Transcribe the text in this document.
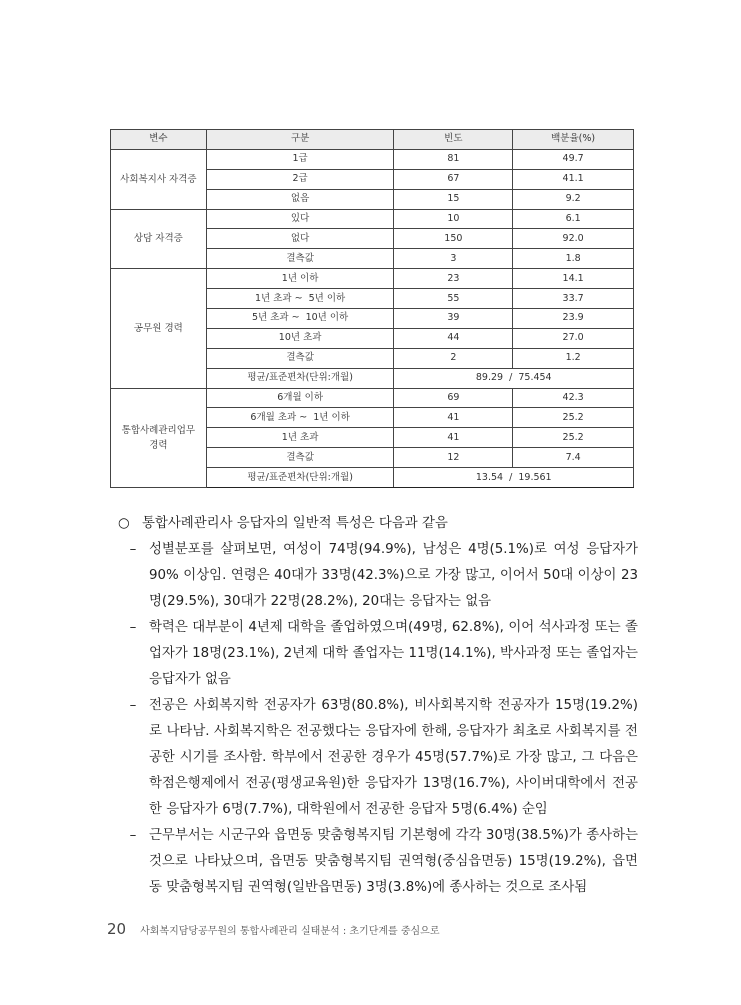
변수	구분	빈도	백분율(%)
사회복지사 자격증	1급	81	49.7
	2급	67	41.1
	없음	15	9.2
상담 자격증	있다	10	6.1
	없다	150	92.0
	결측값	3	1.8
공무원 경력	1년 이하	23	14.1
	1년 초과 ~  5년 이하	55	33.7
	5년 초과 ~  10년 이하	39	23.9
	10년 초과	44	27.0
	결측값	2	1.2
	평균/표준편차(단위:개월)	89.29  /  75.454	
통합사례관리업무
경력	6개월 이하	69	42.3
	6개월 초과 ~  1년 이하	41	25.2
	1년 초과	41	25.2
	결측값	12	7.4
	평균/표준편차(단위:개월)	13.54  /  19.561	
○ 통합사례관리사 응답자의 일반적 특성은 다음과 같음
– 성별분포를 살펴보면, 여성이 74명(94.9%), 남성은 4명(5.1%)로 여성 응답자가 90% 이상임. 연령은 40대가 33명(42.3%)으로 가장 많고, 이어서 50대 이상이 23명(29.5%), 30대가 22명(28.2%), 20대는 응답자는 없음
– 학력은 대부분이 4년제 대학을 졸업하였으며(49명, 62.8%), 이어 석사과정 또는 졸업자가 18명(23.1%), 2년제 대학 졸업자는 11명(14.1%), 박사과정 또는 졸업자는 응답자가 없음
– 전공은 사회복지학 전공자가 63명(80.8%), 비사회복지학 전공자가 15명(19.2%)로 나타남. 사회복지학은 전공했다는 응답자에 한해, 응답자가 최초로 사회복지를 전공한 시기를 조사함. 학부에서 전공한 경우가 45명(57.7%)로 가장 많고, 그 다음은 학점은행제에서 전공(평생교육원)한 응답자가 13명(16.7%), 사이버대학에서 전공한 응답자가 6명(7.7%), 대학원에서 전공한 응답자 5명(6.4%) 순임
– 근무부서는 시군구와 읍면동 맞춤형복지팀 기본형에 각각 30명(38.5%)가 종사하는 것으로 나타났으며, 읍면동 맞춤형복지팀 권역형(중심읍면동) 15명(19.2%), 읍면동 맞춤형복지팀 권역형(일반읍면동) 3명(3.8%)에 종사하는 것으로 조사됨
20 사회복지담당공무원의 통합사례관리 실태분석 : 초기단계를 중심으로
